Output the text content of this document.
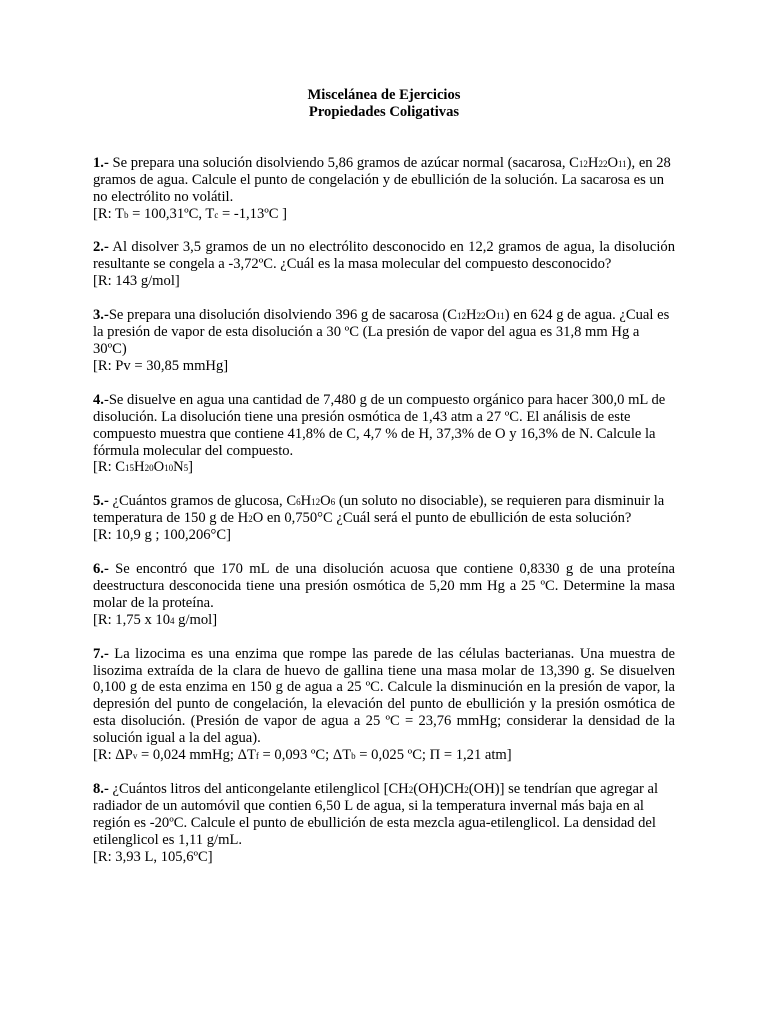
Miscelánea de Ejercicios

Propiedades Coligativas

1.- Se prepara una solución disolviendo 5,86 gramos de azúcar normal (sacarosa, C12H22O11), en 28 gramos de agua. Calcule el punto de congelación y de ebullición de la solución. La sacarosa es un no electrólito no volátil.

[R: Tb = 100,31ºC, Tc = -1,13ºC ]

2.- Al disolver 3,5 gramos de un no electrólito desconocido en 12,2 gramos de agua, la disolución resultante se congela a -3,72ºC. ¿Cuál es la masa molecular del compuesto desconocido?

[R: 143 g/mol]

3.-Se prepara una disolución disolviendo 396 g de sacarosa (C12H22O11) en 624 g de agua. ¿Cual es la presión de vapor de esta disolución a 30 ºC (La presión de vapor del agua es 31,8 mm Hg a 30ºC)

[R: Pv = 30,85 mmHg]

4.-Se disuelve en agua una cantidad de 7,480 g de un compuesto orgánico para hacer 300,0 mL de disolución. La disolución tiene una presión osmótica de 1,43 atm a 27 ºC. El análisis de este compuesto muestra que contiene 41,8% de C, 4,7 % de H, 37,3% de O y 16,3% de N. Calcule la fórmula molecular del compuesto.

[R: C15H20O10N5]

5.- ¿Cuántos gramos de glucosa, C6H12O6 (un soluto no disociable), se requieren para disminuir la temperatura de 150 g de H2O en 0,750°C ¿Cuál será el punto de ebullición de esta solución?

[R: 10,9 g ; 100,206°C]

6.- Se encontró que 170 mL de una disolución acuosa que contiene 0,8330 g de una proteína deestructura desconocida tiene una presión osmótica de 5,20 mm Hg a 25 ºC. Determine la masa molar de la proteína.

[R: 1,75 x 104 g/mol]

7.- La lizocima es una enzima que rompe las parede de las células bacterianas. Una muestra de lisozima extraída de la clara de huevo de gallina tiene una masa molar de 13,390 g. Se disuelven 0,100 g de esta enzima en 150 g de agua a 25 ºC. Calcule la disminución en la presión de vapor, la depresión del punto de congelación, la elevación del punto de ebullición y la presión osmótica de esta disolución. (Presión de vapor de agua a 25 ºC = 23,76 mmHg; considerar la densidad de la solución igual a la del agua).

[R: ΔPv = 0,024 mmHg; ΔTf = 0,093 ºC; ΔTb = 0,025 ºC; Π = 1,21 atm]

8.- ¿Cuántos litros del anticongelante etilenglicol [CH2(OH)CH2(OH)] se tendrían que agregar al radiador de un automóvil que contien 6,50 L de agua, si la temperatura invernal más baja en al región es -20ºC. Calcule el punto de ebullición de esta mezcla agua-etilenglicol. La densidad del etilenglicol es 1,11 g/mL.

[R: 3,93 L, 105,6ºC]
